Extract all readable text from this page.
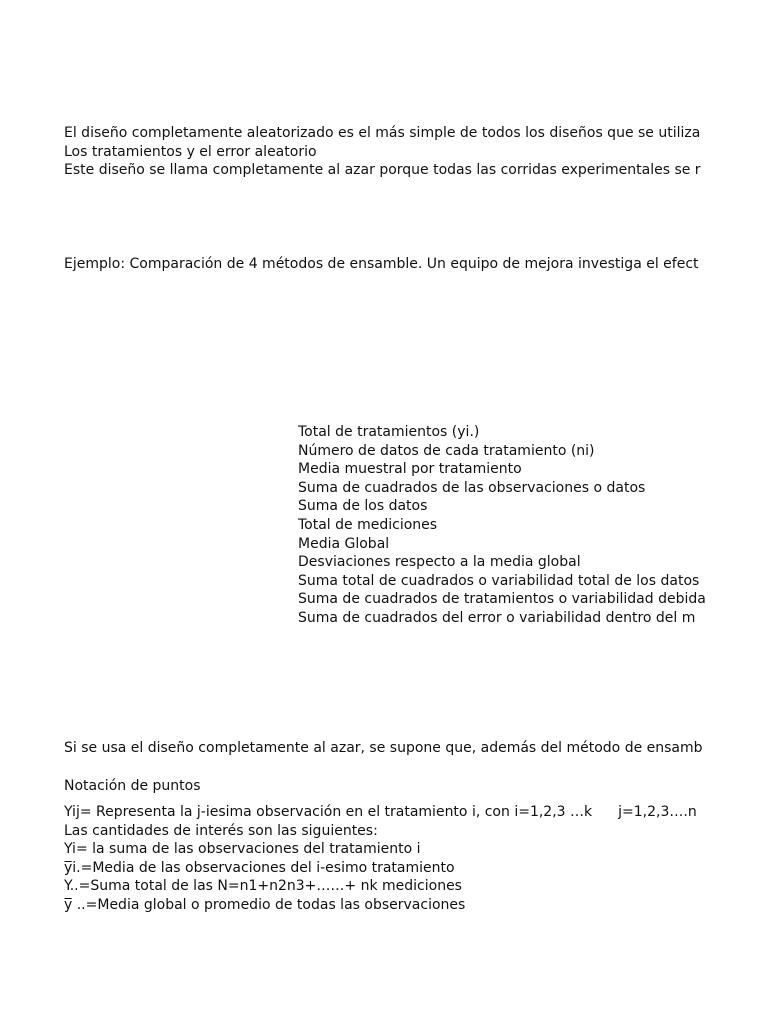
El diseño completamente aleatorizado es el más simple de todos los diseños que se utiliza
Los tratamientos y el error aleatorio
Este diseño se llama completamente al azar porque todas las corridas experimentales se r
Ejemplo: Comparación de 4 métodos de ensamble. Un equipo de mejora investiga el efect
Total de tratamientos (yi.)
Número de datos de cada tratamiento (ni)
Media muestral por tratamiento
Suma de cuadrados de las observaciones o datos
Suma de los datos
Total de mediciones
Media Global
Desviaciones respecto a la media global
Suma total de cuadrados o variabilidad total de los datos
Suma de cuadrados de tratamientos o variabilidad debida
Suma de cuadrados del error o variabilidad dentro del m
Si se usa el diseño completamente al azar, se supone que, además del método de ensamb
Notación de puntos
Yij= Representa la j-iesima observación en el tratamiento i, con i=1,2,3 …k j=1,2,3….n
Las cantidades de interés son las siguientes:
Yi= la suma de las observaciones del tratamiento i
y̅i.=Media de las observaciones del i-esimo tratamiento
Y..=Suma total de las N=n1+n2n3+……+ nk mediciones
y̅ ..=Media global o promedio de todas las observaciones
